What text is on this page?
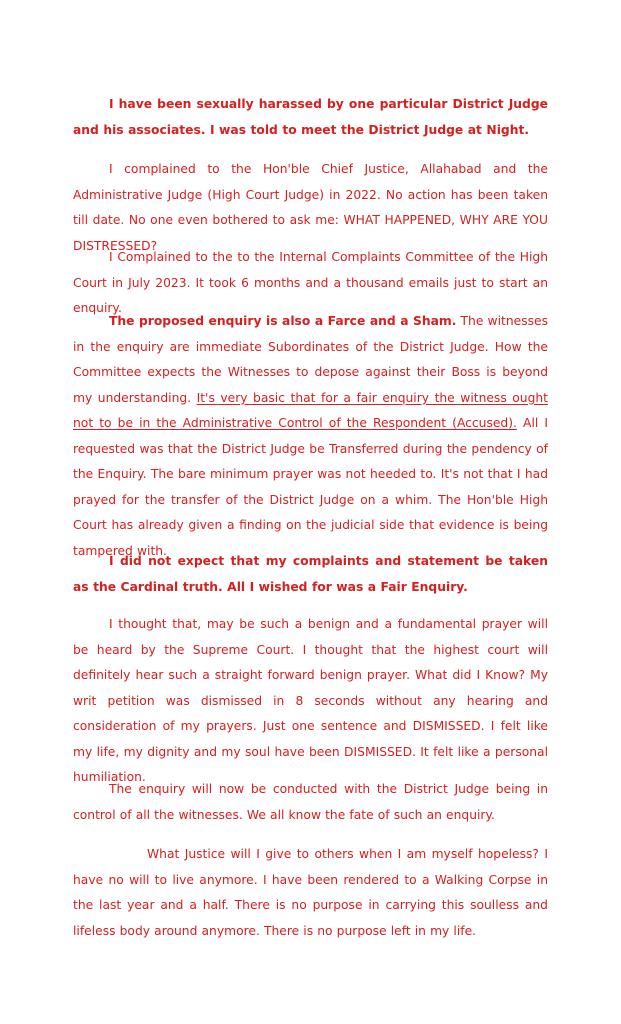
I have been sexually harassed by one particular District Judge and his associates. I was told to meet the District Judge at Night.

I complained to the Hon'ble Chief Justice, Allahabad and the Administrative Judge (High Court Judge) in 2022. No action has been taken till date. No one even bothered to ask me: WHAT HAPPENED, WHY ARE YOU DISTRESSED?

I Complained to the to the Internal Complaints Committee of the High Court in July 2023. It took 6 months and a thousand emails just to start an enquiry.

The proposed enquiry is also a Farce and a Sham. The witnesses in the enquiry are immediate Subordinates of the District Judge. How the Committee expects the Witnesses to depose against their Boss is beyond my understanding. It's very basic that for a fair enquiry the witness ought not to be in the Administrative Control of the Respondent (Accused). All I requested was that the District Judge be Transferred during the pendency of the Enquiry. The bare minimum prayer was not heeded to. It's not that I had prayed for the transfer of the District Judge on a whim. The Hon'ble High Court has already given a finding on the judicial side that evidence is being tampered with.

I did not expect that my complaints and statement be taken as the Cardinal truth. All I wished for was a Fair Enquiry.

I thought that, may be such a benign and a fundamental prayer will be heard by the Supreme Court. I thought that the highest court will definitely hear such a straight forward benign prayer. What did I Know? My writ petition was dismissed in 8 seconds without any hearing and consideration of my prayers. Just one sentence and DISMISSED. I felt like my life, my dignity and my soul have been DISMISSED. It felt like a personal humiliation.

The enquiry will now be conducted with the District Judge being in control of all the witnesses. We all know the fate of such an enquiry.

What Justice will I give to others when I am myself hopeless? I have no will to live anymore. I have been rendered to a Walking Corpse in the last year and a half. There is no purpose in carrying this soulless and lifeless body around anymore. There is no purpose left in my life.
